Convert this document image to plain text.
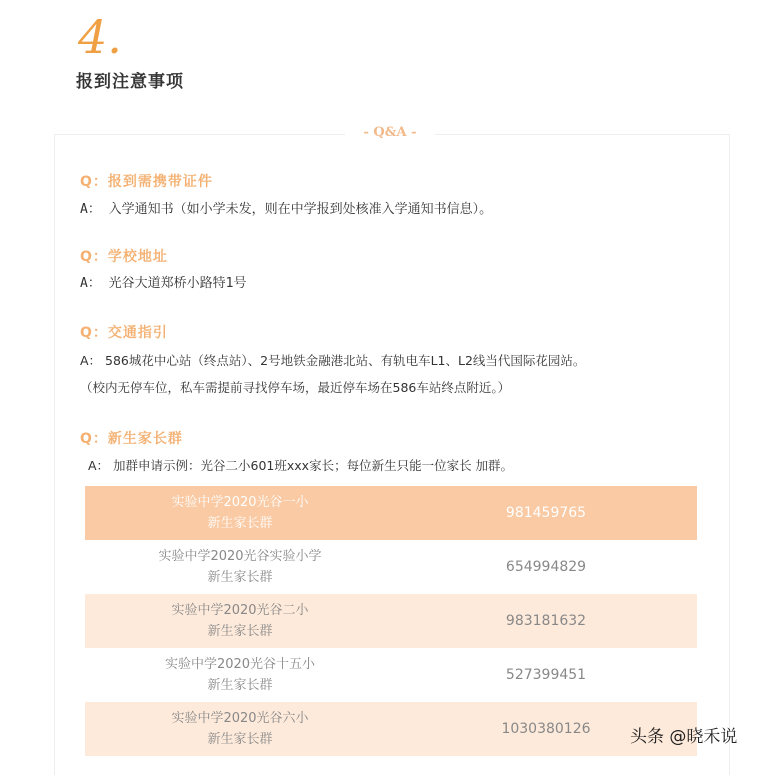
4.
报到注意事项
- Q&A -
Q：报到需携带证件
A： 入学通知书（如小学未发，则在中学报到处核准入学通知书信息）。
Q：学校地址
A： 光谷大道郑桥小路特1号
Q：交通指引
A： 586城花中心站（终点站）、2号地铁金融港北站、有轨电车L1、L2线当代国际花园站。
（校内无停车位，私车需提前寻找停车场，最近停车场在586车站终点附近。）
Q：新生家长群
A： 加群申请示例：光谷二小601班xxx家长；每位新生只能一位家长 加群。
实验中学2020光谷一小
新生家长群	981459765
实验中学2020光谷实验小学
新生家长群	654994829
实验中学2020光谷二小
新生家长群	983181632
实验中学2020光谷十五小
新生家长群	527399451
实验中学2020光谷六小
新生家长群	1030380126 头条 @晓禾说
